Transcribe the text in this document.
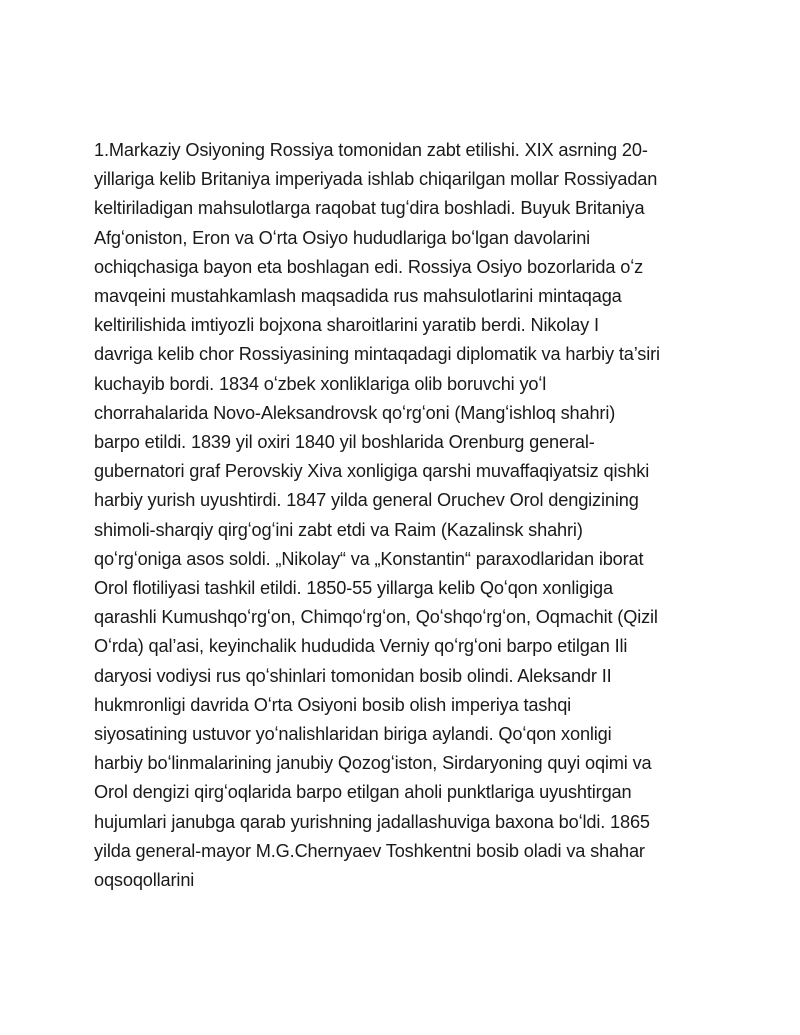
1.Markaziy Osiyoning Rossiya tomonidan zabt etilishi. XIX asrning 20-
yillariga kelib Britaniya imperiyada ishlab chiqarilgan mollar Rossiyadan
keltiriladigan mahsulotlarga raqobat tugʻdira boshladi. Buyuk Britaniya
Afgʻoniston, Eron va Oʻrta Osiyo hududlariga boʻlgan davolarini
ochiqchasiga bayon eta boshlagan edi. Rossiya Osiyo bozorlarida oʻz
mavqeini mustahkamlash maqsadida rus mahsulotlarini mintaqaga
keltirilishida imtiyozli bojxona sharoitlarini yaratib berdi. Nikolay I
davriga kelib chor Rossiyasining mintaqadagi diplomatik va harbiy ta’siri
kuchayib bordi. 1834 oʻzbek xonliklariga olib boruvchi yoʻl
chorrahalarida Novo-Aleksandrovsk qoʻrgʻoni (Mangʻishloq shahri)
barpo etildi. 1839 yil oxiri 1840 yil boshlarida Orenburg general-
gubernatori graf Perovskiy Xiva xonligiga qarshi muvaffaqiyatsiz qishki
harbiy yurish uyushtirdi. 1847 yilda general Oruchev Orol dengizining
shimoli-sharqiy qirgʻogʻini zabt etdi va Raim (Kazalinsk shahri)
qoʻrgʻoniga asos soldi. „Nikolay“ va „Konstantin“ paraxodlaridan iborat
Orol flotiliyasi tashkil etildi. 1850-55 yillarga kelib Qoʻqon xonligiga
qarashli Kumushqoʻrgʻon, Chimqoʻrgʻon, Qoʻshqoʻrgʻon, Oqmachit (Qizil
Oʻrda) qal’asi, keyinchalik hududida Verniy qoʻrgʻoni barpo etilgan Ili
daryosi vodiysi rus qoʻshinlari tomonidan bosib olindi. Aleksandr II
hukmronligi davrida Oʻrta Osiyoni bosib olish imperiya tashqi
siyosatining ustuvor yoʻnalishlaridan biriga aylandi. Qoʻqon xonligi
harbiy boʻlinmalarining janubiy Qozogʻiston, Sirdaryoning quyi oqimi va
Orol dengizi qirgʻoqlarida barpo etilgan aholi punktlariga uyushtirgan
hujumlari janubga qarab yurishning jadallashuviga baxona boʻldi. 1865
yilda general-mayor M.G.Chernyaev Toshkentni bosib oladi va shahar
oqsoqollarini
